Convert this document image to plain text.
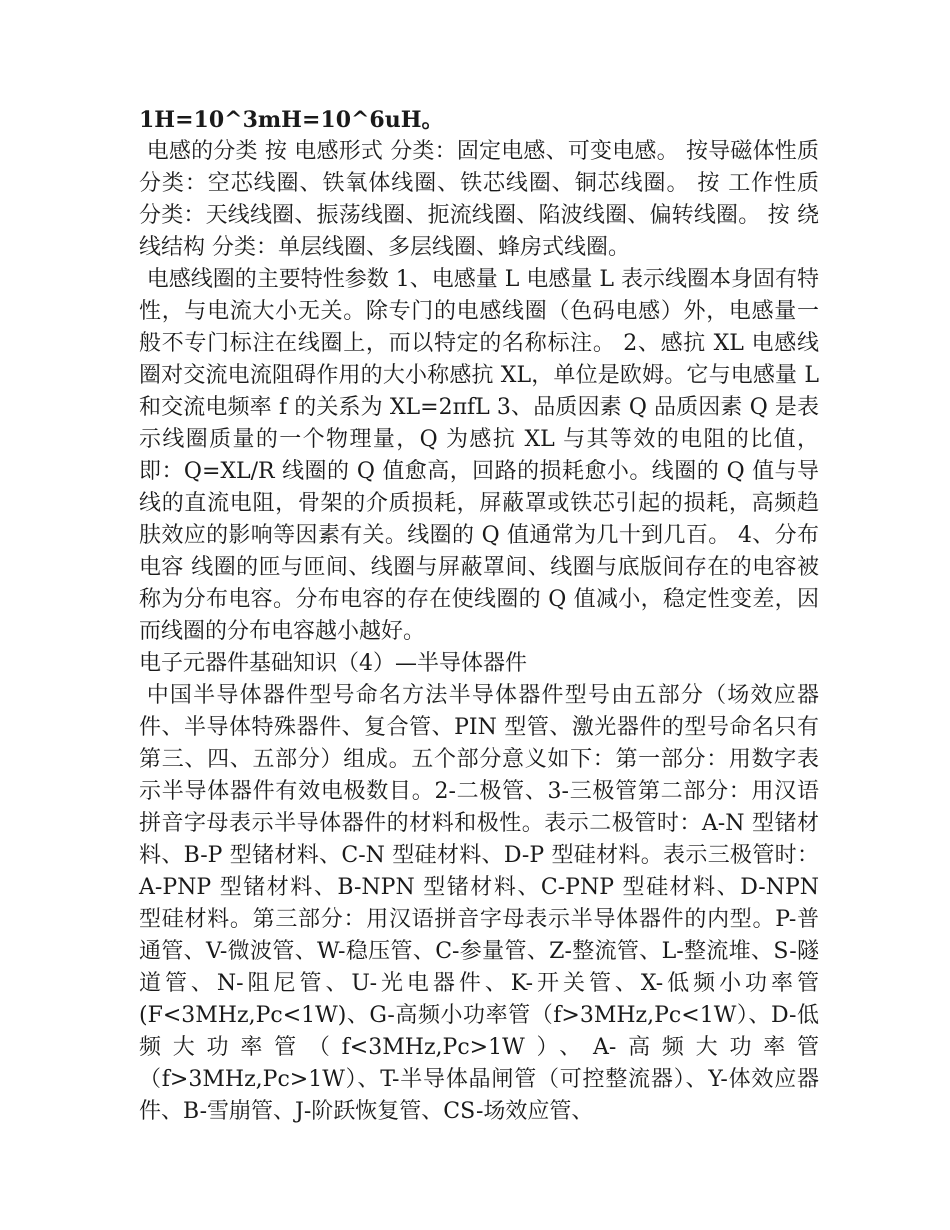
1H=10^3mH=10^6uH。

电感的分类 按 电感形式 分类：固定电感、可变电感。 按导磁体性质分类：空芯线圈、铁氧体线圈、铁芯线圈、铜芯线圈。 按 工作性质 分类：天线线圈、振荡线圈、扼流线圈、陷波线圈、偏转线圈。 按 绕线结构 分类：单层线圈、多层线圈、蜂房式线圈。

电感线圈的主要特性参数 1、电感量 L 电感量 L 表示线圈本身固有特性，与电流大小无关。除专门的电感线圈（色码电感）外，电感量一般不专门标注在线圈上，而以特定的名称标注。 2、感抗 XL 电感线圈对交流电流阻碍作用的大小称感抗 XL，单位是欧姆。它与电感量 L 和交流电频率 f 的关系为 XL=2πfL 3、品质因素 Q 品质因素 Q 是表示线圈质量的一个物理量，Q 为感抗 XL 与其等效的电阻的比值，即：Q=XL/R 线圈的 Q 值愈高，回路的损耗愈小。线圈的 Q 值与导线的直流电阻，骨架的介质损耗，屏蔽罩或铁芯引起的损耗，高频趋肤效应的影响等因素有关。线圈的 Q 值通常为几十到几百。 4、分布电容 线圈的匝与匝间、线圈与屏蔽罩间、线圈与底版间存在的电容被称为分布电容。分布电容的存在使线圈的 Q 值减小，稳定性变差，因而线圈的分布电容越小越好。

电子元器件基础知识（4）—半导体器件

中国半导体器件型号命名方法半导体器件型号由五部分（场效应器件、半导体特殊器件、复合管、PIN 型管、激光器件的型号命名只有第三、四、五部分）组成。五个部分意义如下：第一部分：用数字表示半导体器件有效电极数目。2-二极管、3-三极管第二部分：用汉语拼音字母表示半导体器件的材料和极性。表示二极管时：A-N 型锗材料、B-P 型锗材料、C-N 型硅材料、D-P 型硅材料。表示三极管时：A-PNP 型锗材料、B-NPN 型锗材料、C-PNP 型硅材料、D-NPN 型硅材料。第三部分：用汉语拼音字母表示半导体器件的内型。P-普通管、V-微波管、W-稳压管、C-参量管、Z-整流管、L-整流堆、S-隧道管、N-阻尼管、U-光电器件、K-开关管、X-低频小功率管(F<3MHz,Pc<1W)、G-高频小功率管（f>3MHz,Pc<1W）、D-低频大功率管（f<3MHz,Pc>1W）、A-高频大功率管（f>3MHz,Pc>1W）、T-半导体晶闸管（可控整流器）、Y-体效应器件、B-雪崩管、J-阶跃恢复管、CS-场效应管、
